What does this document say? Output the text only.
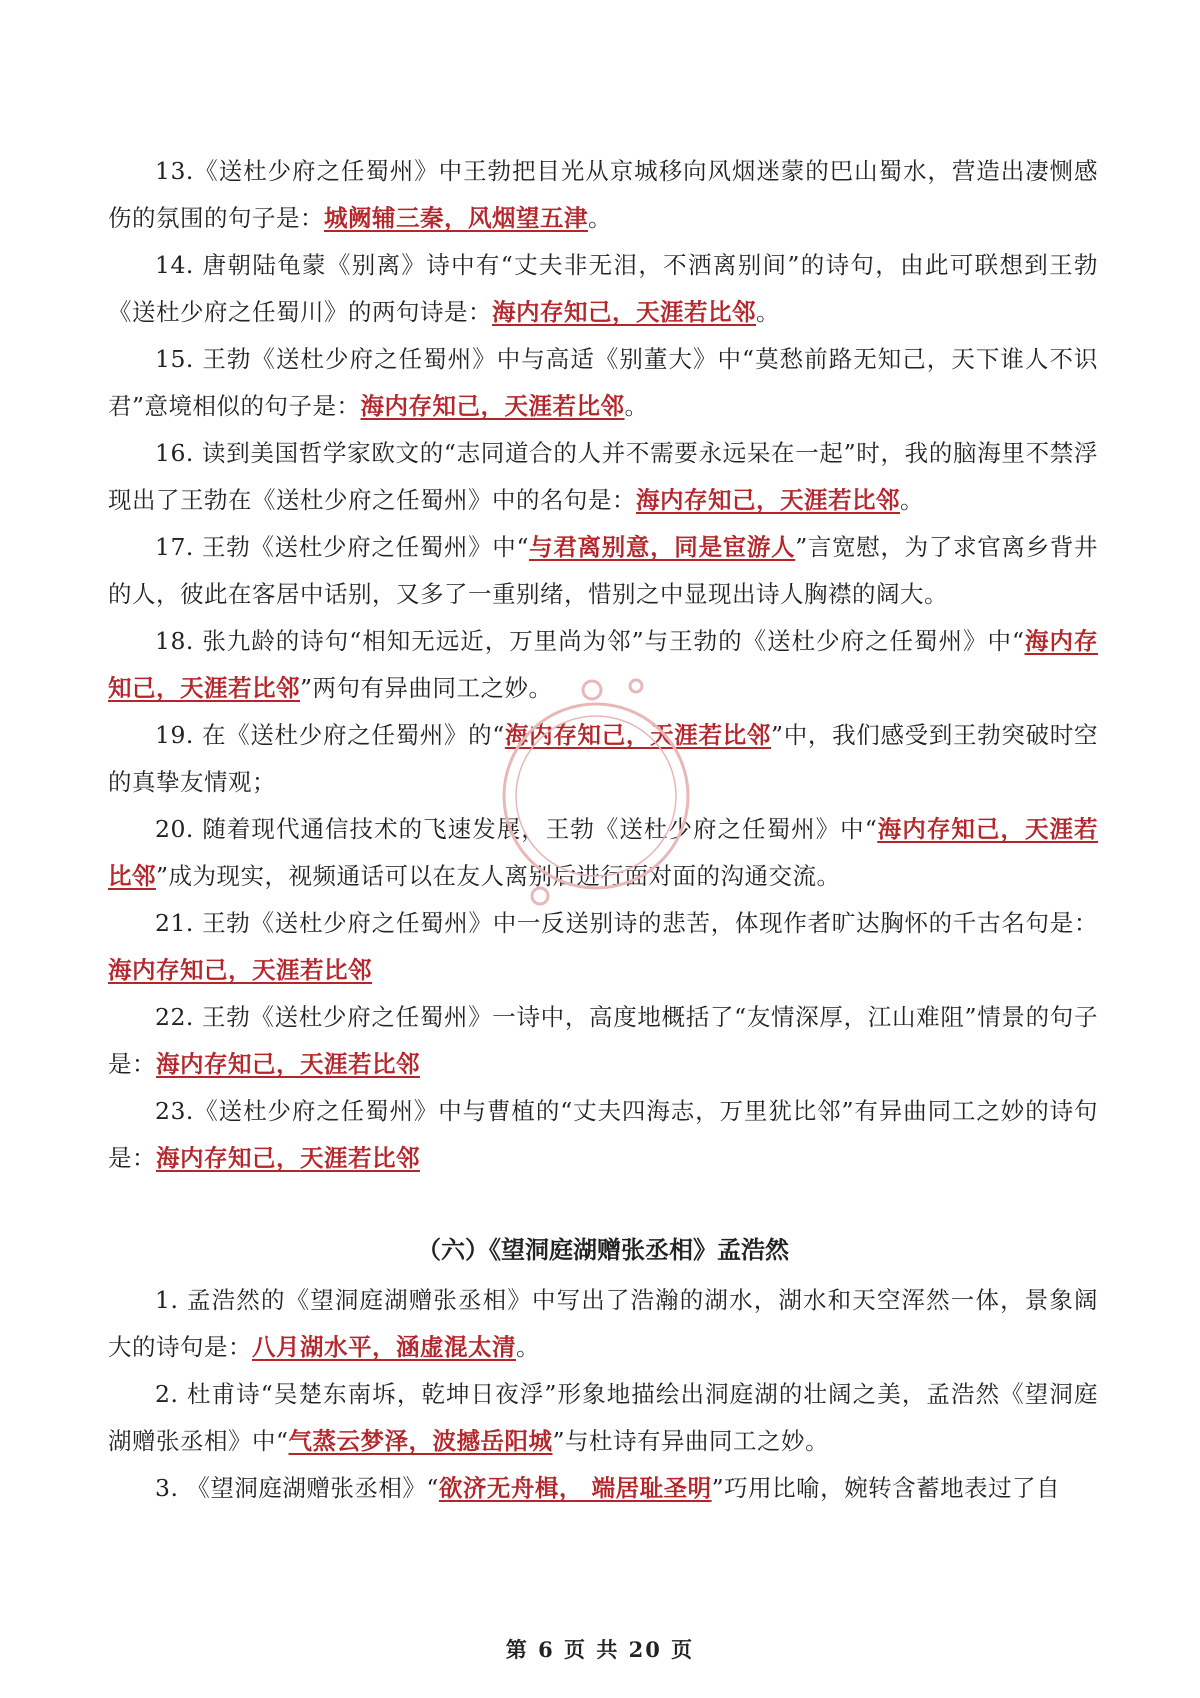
13.《送杜少府之任蜀州》中王勃把目光从京城移向风烟迷蒙的巴山蜀水，营造出凄恻感伤的氛围的句子是：城阙辅三秦，风烟望五津。

14. 唐朝陆龟蒙《别离》诗中有“丈夫非无泪，不洒离别间”的诗句，由此可联想到王勃《送杜少府之任蜀川》的两句诗是：海内存知己，天涯若比邻。

15. 王勃《送杜少府之任蜀州》中与高适《别董大》中“莫愁前路无知己，天下谁人不识君”意境相似的句子是：海内存知己，天涯若比邻。

16. 读到美国哲学家欧文的“志同道合的人并不需要永远呆在一起”时，我的脑海里不禁浮现出了王勃在《送杜少府之任蜀州》中的名句是：海内存知己，天涯若比邻。

17. 王勃《送杜少府之任蜀州》中“与君离别意，同是宦游人”言宽慰，为了求官离乡背井的人，彼此在客居中话别，又多了一重别绪，惜别之中显现出诗人胸襟的阔大。

18. 张九龄的诗句“相知无远近，万里尚为邻”与王勃的《送杜少府之任蜀州》中“海内存知己，天涯若比邻”两句有异曲同工之妙。

19. 在《送杜少府之任蜀州》的“海内存知己，天涯若比邻”中，我们感受到王勃突破时空的真挚友情观；

20. 随着现代通信技术的飞速发展，王勃《送杜少府之任蜀州》中“海内存知己，天涯若比邻”成为现实，视频通话可以在友人离别后进行面对面的沟通交流。

21. 王勃《送杜少府之任蜀州》中一反送别诗的悲苦，体现作者旷达胸怀的千古名句是：海内存知己，天涯若比邻

22. 王勃《送杜少府之任蜀州》一诗中，高度地概括了“友情深厚，江山难阻”情景的句子是：海内存知己，天涯若比邻

23.《送杜少府之任蜀州》中与曹植的“丈夫四海志，万里犹比邻”有异曲同工之妙的诗句是：海内存知己，天涯若比邻

（六）《望洞庭湖赠张丞相》孟浩然

1. 孟浩然的《望洞庭湖赠张丞相》中写出了浩瀚的湖水，湖水和天空浑然一体，景象阔大的诗句是：八月湖水平，涵虚混太清。

2. 杜甫诗“吴楚东南坼，乾坤日夜浮”形象地描绘出洞庭湖的壮阔之美，孟浩然《望洞庭湖赠张丞相》中“气蒸云梦泽，波撼岳阳城”与杜诗有异曲同工之妙。

3. 《望洞庭湖赠张丞相》“欲济无舟楫， 端居耻圣明”巧用比喻，婉转含蓄地表过了自

第 6 页 共 20 页
